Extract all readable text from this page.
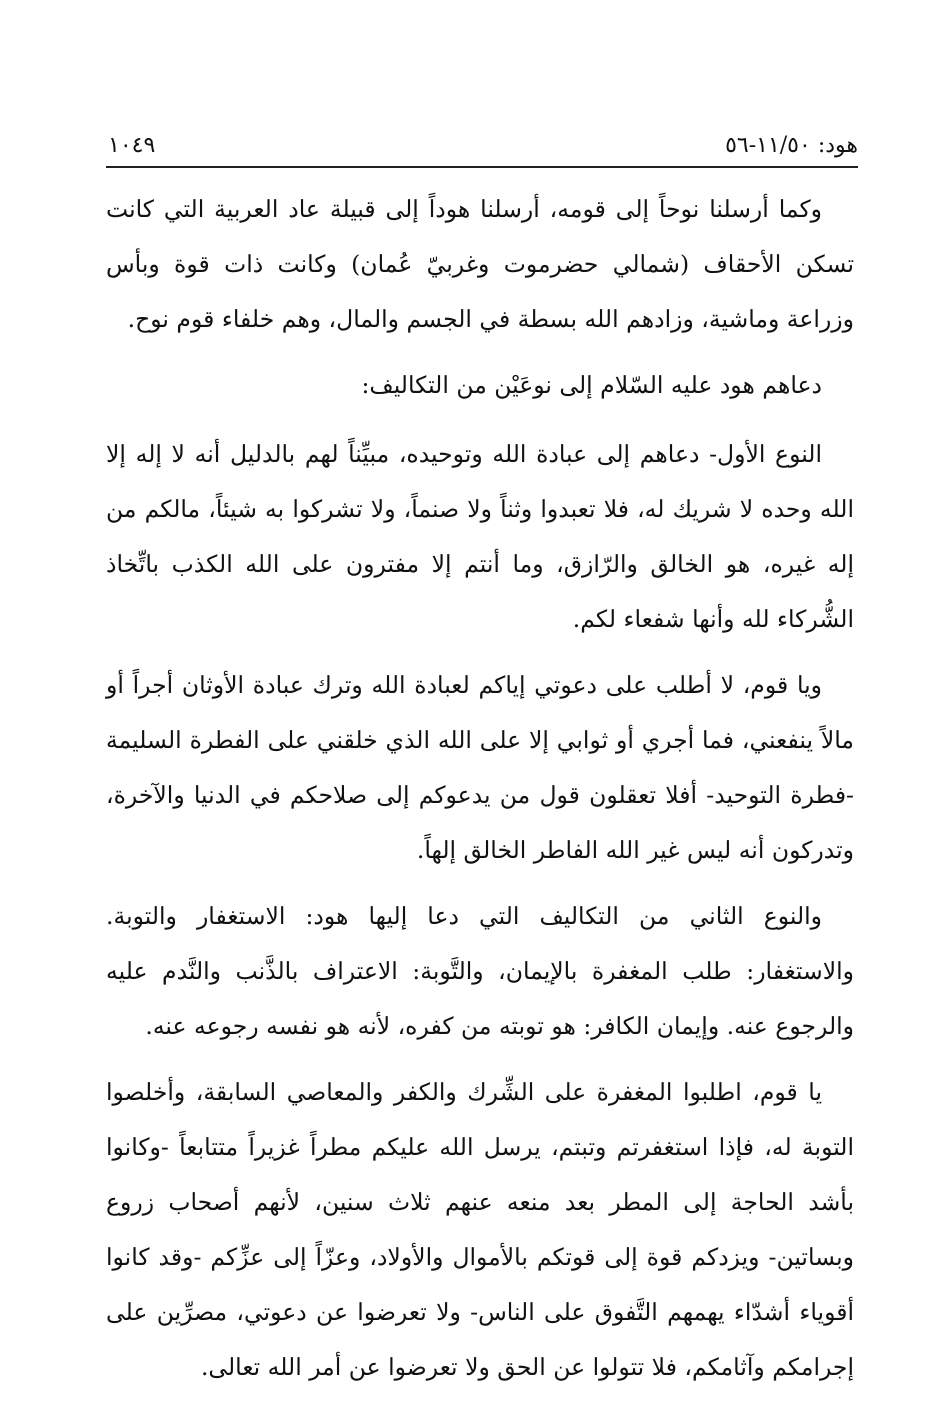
هود: ١١/٥٠-٥٦
١٠٤٩

وكما أرسلنا نوحاً إلى قومه، أرسلنا هوداً إلى قبيلة عاد العربية التي كانت تسكن الأحقاف (شمالي حضرموت وغربيّ عُمان) وكانت ذات قوة وبأس وزراعة وماشية، وزادهم الله بسطة في الجسم والمال، وهم خلفاء قوم نوح.

دعاهم هود عليه السّلام إلى نوعَيْن من التكاليف:

النوع الأول- دعاهم إلى عبادة الله وتوحيده، مبيِّناً لهم بالدليل أنه لا إله إلا الله وحده لا شريك له، فلا تعبدوا وثناً ولا صنماً، ولا تشركوا به شيئاً، مالكم من إله غيره، هو الخالق والرّازق، وما أنتم إلا مفترون على الله الكذب باتِّخاذ الشُّركاء لله وأنها شفعاء لكم.

ويا قوم، لا أطلب على دعوتي إياكم لعبادة الله وترك عبادة الأوثان أجراً أو مالاً ينفعني، فما أجري أو ثوابي إلا على الله الذي خلقني على الفطرة السليمة -فطرة التوحيد- أفلا تعقلون قول من يدعوكم إلى صلاحكم في الدنيا والآخرة، وتدركون أنه ليس غير الله الفاطر الخالق إلهاً.

والنوع الثاني من التكاليف التي دعا إليها هود: الاستغفار والتوبة. والاستغفار: طلب المغفرة بالإيمان، والتَّوبة: الاعتراف بالذَّنب والنَّدم عليه والرجوع عنه. وإيمان الكافر: هو توبته من كفره، لأنه هو نفسه رجوعه عنه.

يا قوم، اطلبوا المغفرة على الشِّرك والكفر والمعاصي السابقة، وأخلصوا التوبة له، فإذا استغفرتم وتبتم، يرسل الله عليكم مطراً غزيراً متتابعاً -وكانوا بأشد الحاجة إلى المطر بعد منعه عنهم ثلاث سنين، لأنهم أصحاب زروع وبساتين- ويزدكم قوة إلى قوتكم بالأموال والأولاد، وعزّاً إلى عزِّكم -وقد كانوا أقوياء أشدّاء يهمهم التَّفوق على الناس- ولا تعرضوا عن دعوتي، مصرِّين على إجرامكم وآثامكم، فلا تتولوا عن الحق ولا تعرضوا عن أمر الله تعالى.
